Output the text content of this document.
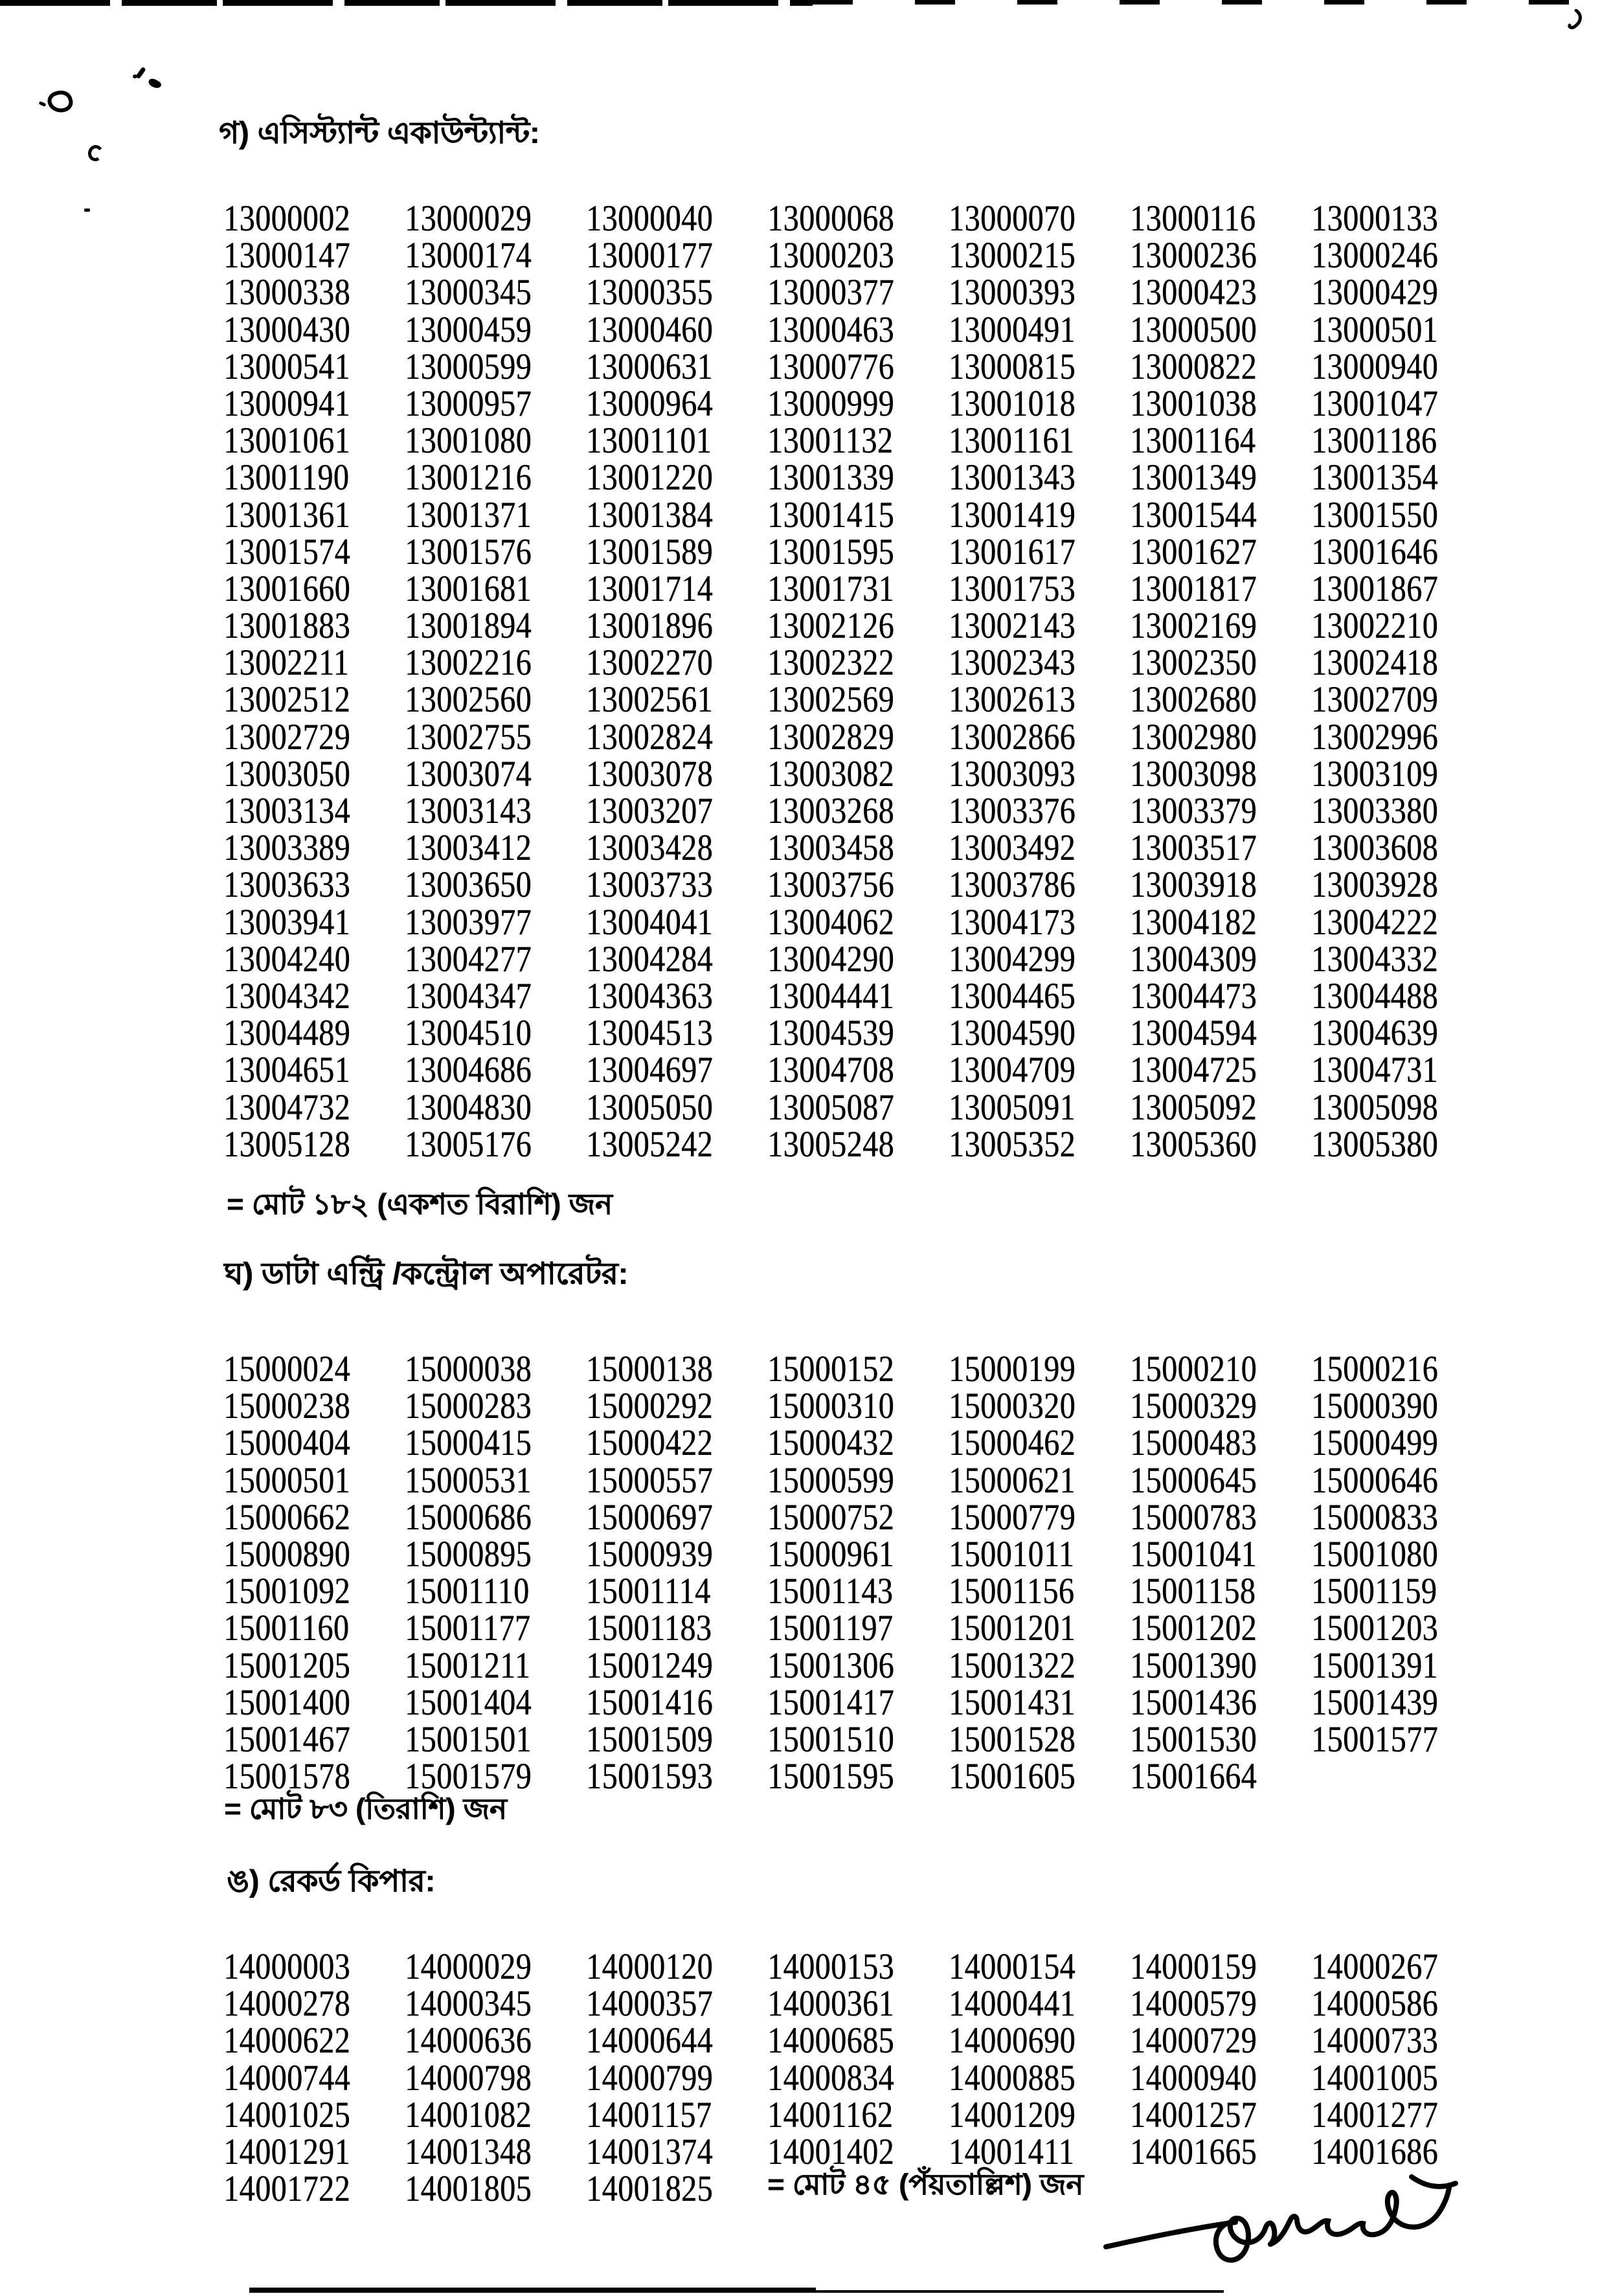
গ) এসিস্ট্যান্ট একাউন্ট্যান্ট:
13000002	13000029	13000040	13000068	13000070	13000116	13000133
13000147	13000174	13000177	13000203	13000215	13000236	13000246
13000338	13000345	13000355	13000377	13000393	13000423	13000429
13000430	13000459	13000460	13000463	13000491	13000500	13000501
13000541	13000599	13000631	13000776	13000815	13000822	13000940
13000941	13000957	13000964	13000999	13001018	13001038	13001047
13001061	13001080	13001101	13001132	13001161	13001164	13001186
13001190	13001216	13001220	13001339	13001343	13001349	13001354
13001361	13001371	13001384	13001415	13001419	13001544	13001550
13001574	13001576	13001589	13001595	13001617	13001627	13001646
13001660	13001681	13001714	13001731	13001753	13001817	13001867
13001883	13001894	13001896	13002126	13002143	13002169	13002210
13002211	13002216	13002270	13002322	13002343	13002350	13002418
13002512	13002560	13002561	13002569	13002613	13002680	13002709
13002729	13002755	13002824	13002829	13002866	13002980	13002996
13003050	13003074	13003078	13003082	13003093	13003098	13003109
13003134	13003143	13003207	13003268	13003376	13003379	13003380
13003389	13003412	13003428	13003458	13003492	13003517	13003608
13003633	13003650	13003733	13003756	13003786	13003918	13003928
13003941	13003977	13004041	13004062	13004173	13004182	13004222
13004240	13004277	13004284	13004290	13004299	13004309	13004332
13004342	13004347	13004363	13004441	13004465	13004473	13004488
13004489	13004510	13004513	13004539	13004590	13004594	13004639
13004651	13004686	13004697	13004708	13004709	13004725	13004731
13004732	13004830	13005050	13005087	13005091	13005092	13005098
13005128	13005176	13005242	13005248	13005352	13005360	13005380
= মোট ১৮২ (একশত বিরাশি) জন
ঘ) ডাটা এন্ট্রি /কন্ট্রোল অপারেটর:
15000024	15000038	15000138	15000152	15000199	15000210	15000216
15000238	15000283	15000292	15000310	15000320	15000329	15000390
15000404	15000415	15000422	15000432	15000462	15000483	15000499
15000501	15000531	15000557	15000599	15000621	15000645	15000646
15000662	15000686	15000697	15000752	15000779	15000783	15000833
15000890	15000895	15000939	15000961	15001011	15001041	15001080
15001092	15001110	15001114	15001143	15001156	15001158	15001159
15001160	15001177	15001183	15001197	15001201	15001202	15001203
15001205	15001211	15001249	15001306	15001322	15001390	15001391
15001400	15001404	15001416	15001417	15001431	15001436	15001439
15001467	15001501	15001509	15001510	15001528	15001530	15001577
15001578	15001579	15001593	15001595	15001605	15001664
= মোট ৮৩ (তিরাশি) জন
ঙ) রেকর্ড কিপার:
14000003	14000029	14000120	14000153	14000154	14000159	14000267
14000278	14000345	14000357	14000361	14000441	14000579	14000586
14000622	14000636	14000644	14000685	14000690	14000729	14000733
14000744	14000798	14000799	14000834	14000885	14000940	14001005
14001025	14001082	14001157	14001162	14001209	14001257	14001277
14001291	14001348	14001374	14001402	14001411	14001665	14001686
14001722	14001805	14001825	= মোট ৪৫ (পঁয়তাল্লিশ) জন
